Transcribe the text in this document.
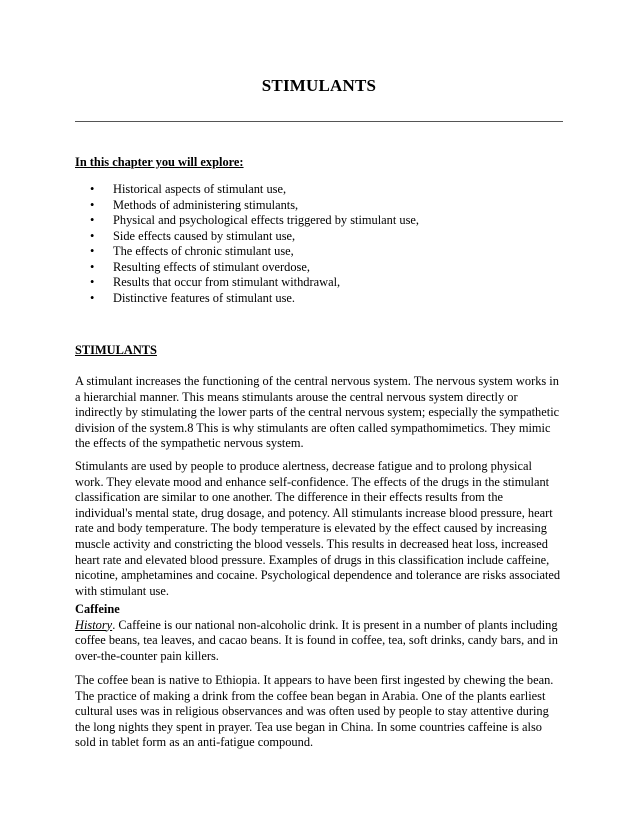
STIMULANTS

In this chapter you will explore:

• Historical aspects of stimulant use,
• Methods of administering stimulants,
• Physical and psychological effects triggered by stimulant use,
• Side effects caused by stimulant use,
• The effects of chronic stimulant use,
• Resulting effects of stimulant overdose,
• Results that occur from stimulant withdrawal,
• Distinctive features of stimulant use.

STIMULANTS

A stimulant increases the functioning of the central nervous system. The nervous system works in a hierarchial manner. This means stimulants arouse the central nervous system directly or indirectly by stimulating the lower parts of the central nervous system; especially the sympathetic division of the system.8 This is why stimulants are often called sympathomimetics. They mimic the effects of the sympathetic nervous system.

Stimulants are used by people to produce alertness, decrease fatigue and to prolong physical work. They elevate mood and enhance self-confidence. The effects of the drugs in the stimulant classification are similar to one another. The difference in their effects results from the individual's mental state, drug dosage, and potency. All stimulants increase blood pressure, heart rate and body temperature. The body temperature is elevated by the effect caused by increasing muscle activity and constricting the blood vessels. This results in decreased heat loss, increased heart rate and elevated blood pressure. Examples of drugs in this classification include caffeine, nicotine, amphetamines and cocaine. Psychological dependence and tolerance are risks associated with stimulant use.

Caffeine

History. Caffeine is our national non-alcoholic drink. It is present in a number of plants including coffee beans, tea leaves, and cacao beans. It is found in coffee, tea, soft drinks, candy bars, and in over-the-counter pain killers.

The coffee bean is native to Ethiopia. It appears to have been first ingested by chewing the bean. The practice of making a drink from the coffee bean began in Arabia. One of the plants earliest cultural uses was in religious observances and was often used by people to stay attentive during the long nights they spent in prayer. Tea use began in China. In some countries caffeine is also sold in tablet form as an anti-fatigue compound.
